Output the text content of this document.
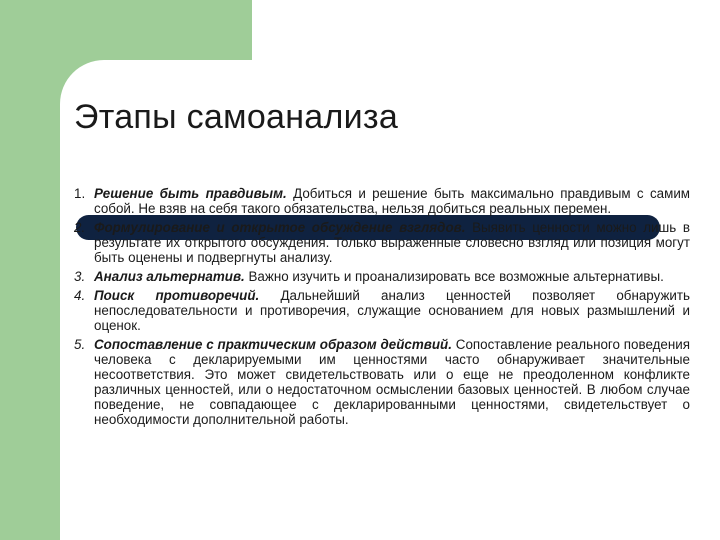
Этапы самоанализа
1. Решение быть правдивым. Добиться и решение быть максимально правдивым с самим собой. Не взяв на себя такого обязательства, нельзя добиться реальных перемен.
2. Формулирование и открытое обсуждение взглядов. Выявить ценности можно лишь в результате их открытого обсуждения. Только выраженные словесно взгляд или позиция могут быть оценены и подвергнуты анализу.
3. Анализ альтернатив. Важно изучить и проанализировать все возможные альтернативы.
4. Поиск противоречий. Дальнейший анализ ценностей позволяет обнаружить непоследовательности и противоречия, служащие основанием для новых размышлений и оценок.
5. Сопоставление с практическим образом действий. Сопоставление реального поведения человека с декларируемыми им ценностями часто обнаруживает значительные несоответствия. Это может свидетельствовать или о еще не преодоленном конфликте различных ценностей, или о недостаточном осмыслении базовых ценностей. В любом случае поведение, не совпадающее с декларированными ценностями, свидетельствует о необходимости дополнительной работы.
